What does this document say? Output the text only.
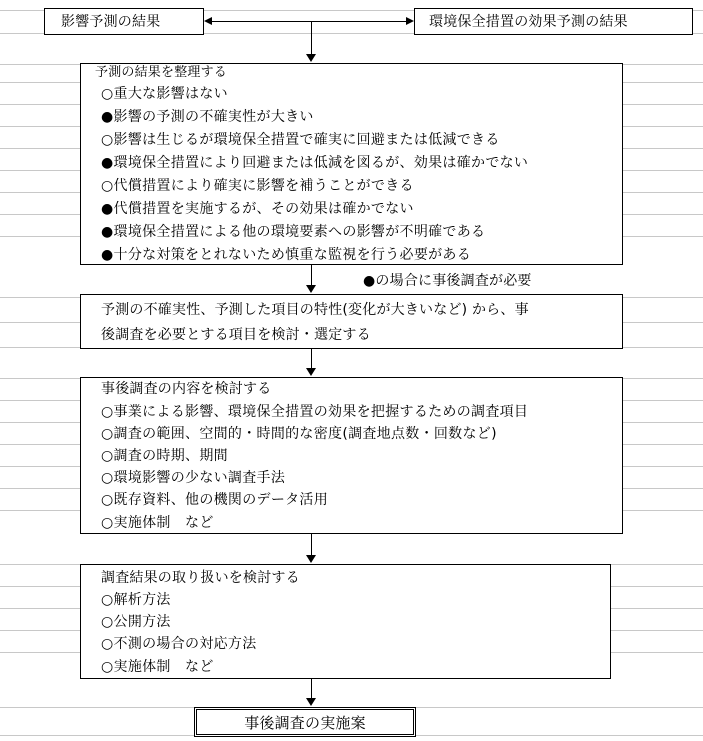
影響予測の結果	環境保全措置の効果予測の結果
予測の結果を整理する
○重大な影響はない
●影響の予測の不確実性が大きい
○影響は生じるが環境保全措置で確実に回避または低減できる
●環境保全措置により回避または低減を図るが、効果は確かでない
○代償措置により確実に影響を補うことができる
●代償措置を実施するが、その効果は確かでない
●環境保全措置による他の環境要素への影響が不明確である
●十分な対策をとれないため慎重な監視を行う必要がある
●の場合に事後調査が必要
予測の不確実性、予測した項目の特性(変化が大きいなど) から、事
後調査を必要とする項目を検討・選定する
事後調査の内容を検討する
○事業による影響、環境保全措置の効果を把握するための調査項目
○調査の範囲、空間的・時間的な密度(調査地点数・回数など)
○調査の時期、期間
○環境影響の少ない調査手法
○既存資料、他の機関のデータ活用
○実施体制　など
調査結果の取り扱いを検討する
○解析方法
○公開方法
○不測の場合の対応方法
○実施体制　など
事後調査の実施案
